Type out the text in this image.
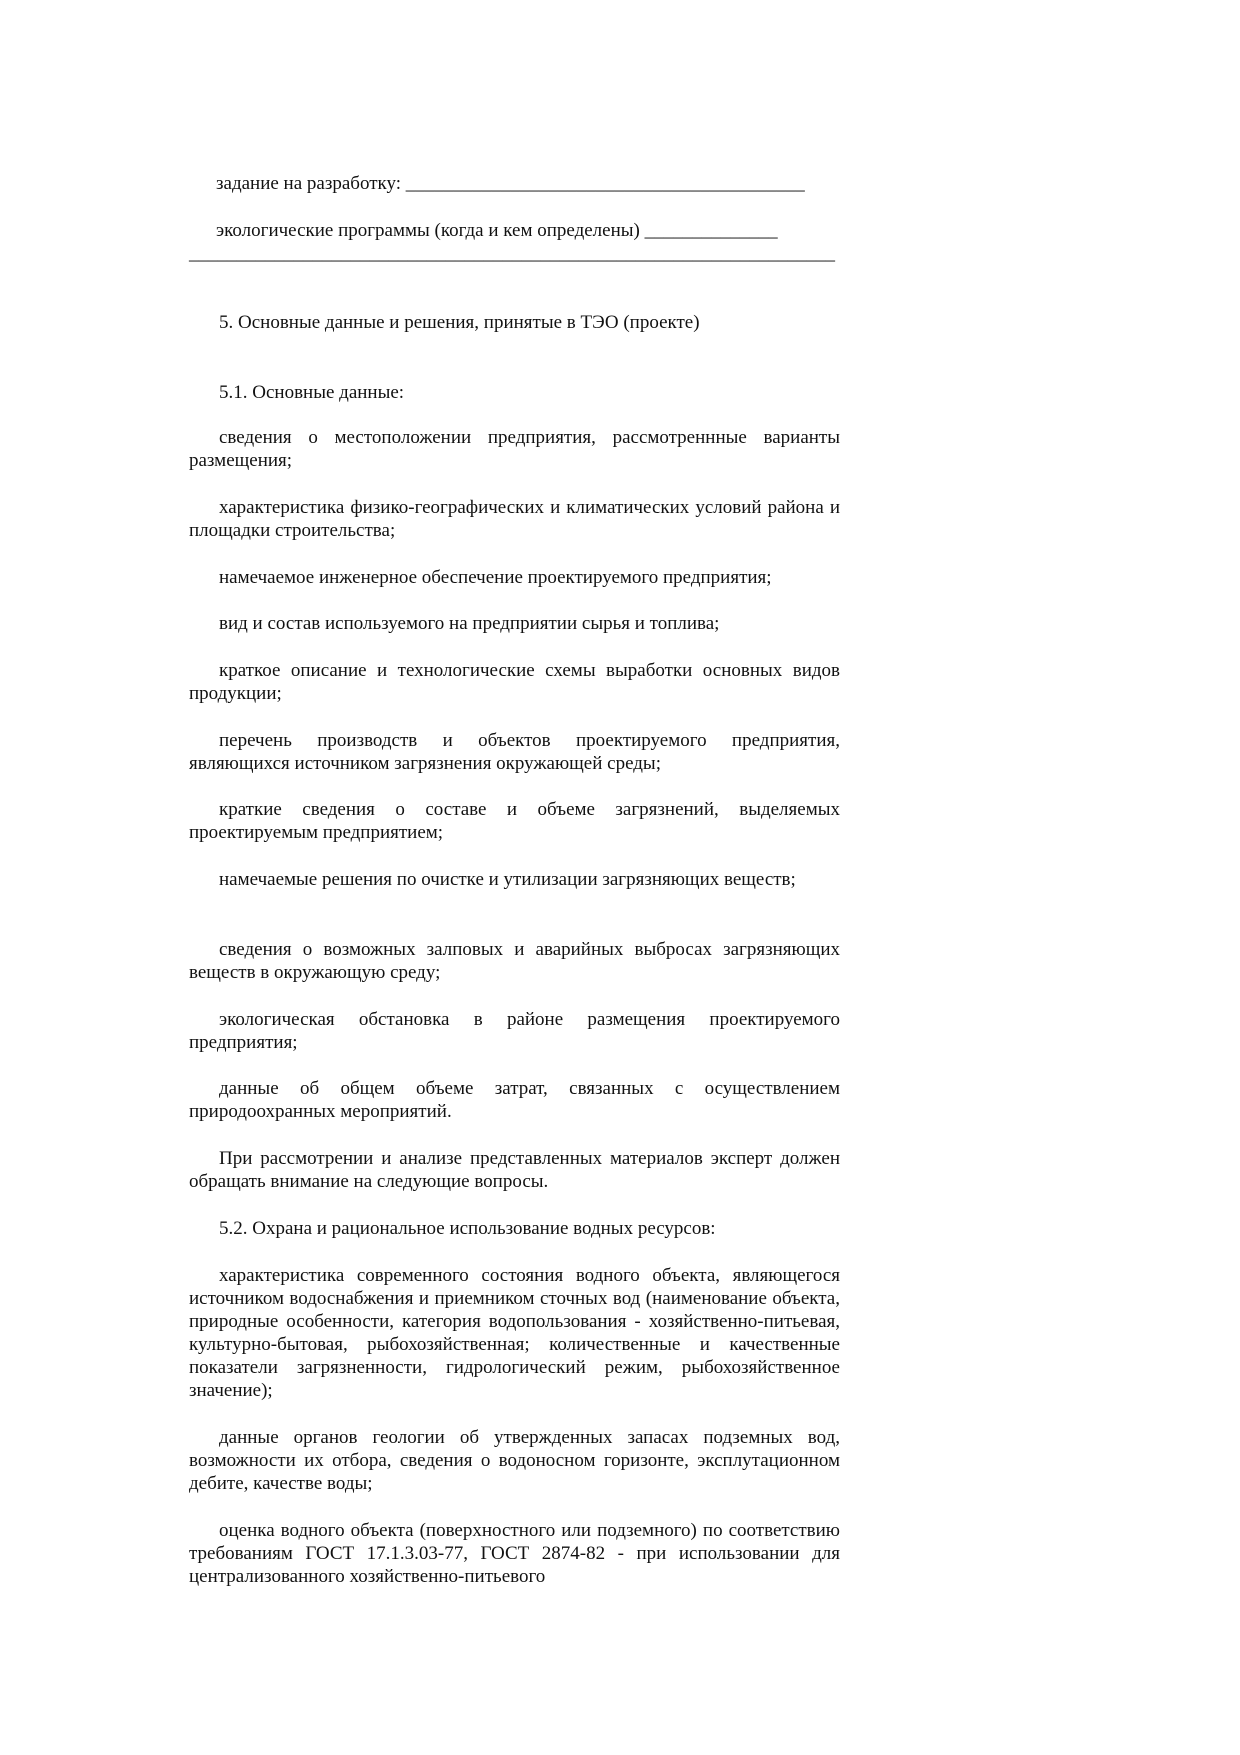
задание на разработку: __________________________________________
экологические программы (когда и кем определены) ______________
____________________________________________________________________
5. Основные данные и решения, принятые в ТЭО (проекте)
5.1. Основные данные:

сведения о местоположении предприятия, рассмотреннные варианты размещения;

характеристика физико-географических и климатических условий района и площадки строительства;

намечаемое инженерное обеспечение проектируемого предприятия;

вид и состав используемого на предприятии сырья и топлива;

краткое описание и технологические схемы выработки основных видов продукции;

перечень производств и объектов проектируемого предприятия, являющихся источником загрязнения окружающей среды;

краткие сведения о составе и объеме загрязнений, выделяемых проектируемым предприятием;

намечаемые решения по очистке и утилизации загрязняющих веществ;

сведения о возможных залповых и аварийных выбросах загрязняющих веществ в окружающую среду;

экологическая обстановка в районе размещения проектируемого предприятия;

данные об общем объеме затрат, связанных с осуществлением природоохранных мероприятий.

При рассмотрении и анализе представленных материалов эксперт должен обращать внимание на следующие вопросы.

5.2. Охрана и рациональное использование водных ресурсов:

характеристика современного состояния водного объекта, являющегося источником водоснабжения и приемником сточных вод (наименование объекта, природные особенности, категория водопользования - хозяйственно-питьевая, культурно-бытовая, рыбохозяйственная; количественные и качественные показатели загрязненности, гидрологический режим, рыбохозяйственное значение);

данные органов геологии об утвержденных запасах подземных вод, возможности их отбора, сведения о водоносном горизонте, эксплутационном дебите, качестве воды;

оценка водного объекта (поверхностного или подземного) по соответствию требованиям ГОСТ 17.1.3.03-77, ГОСТ 2874-82 - при использовании для централизованного хозяйственно-питьевого
